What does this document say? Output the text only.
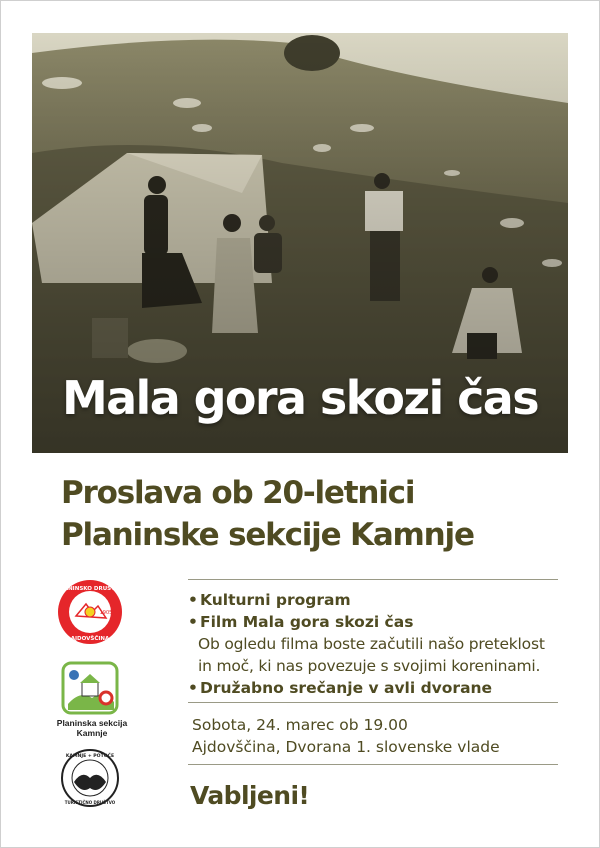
Mala gora skozi čas
Proslava ob 20-letnici
Planinske sekcije Kamnje
PLANINSKO DRUŠTVO
AJDOVŠČINA
1905
Planinska sekcija
Kamnje
KAMNJE + POTOČE
TURISTIČNO DRUŠTVO
• Kulturni program
• Film Mala gora skozi čas
Ob ogledu filma boste začutili našo preteklost
in moč, ki nas povezuje s svojimi koreninami.
• Družabno srečanje v avli dvorane
Sobota, 24. marec ob 19.00
Ajdovščina, Dvorana 1. slovenske vlade
Vabljeni!
